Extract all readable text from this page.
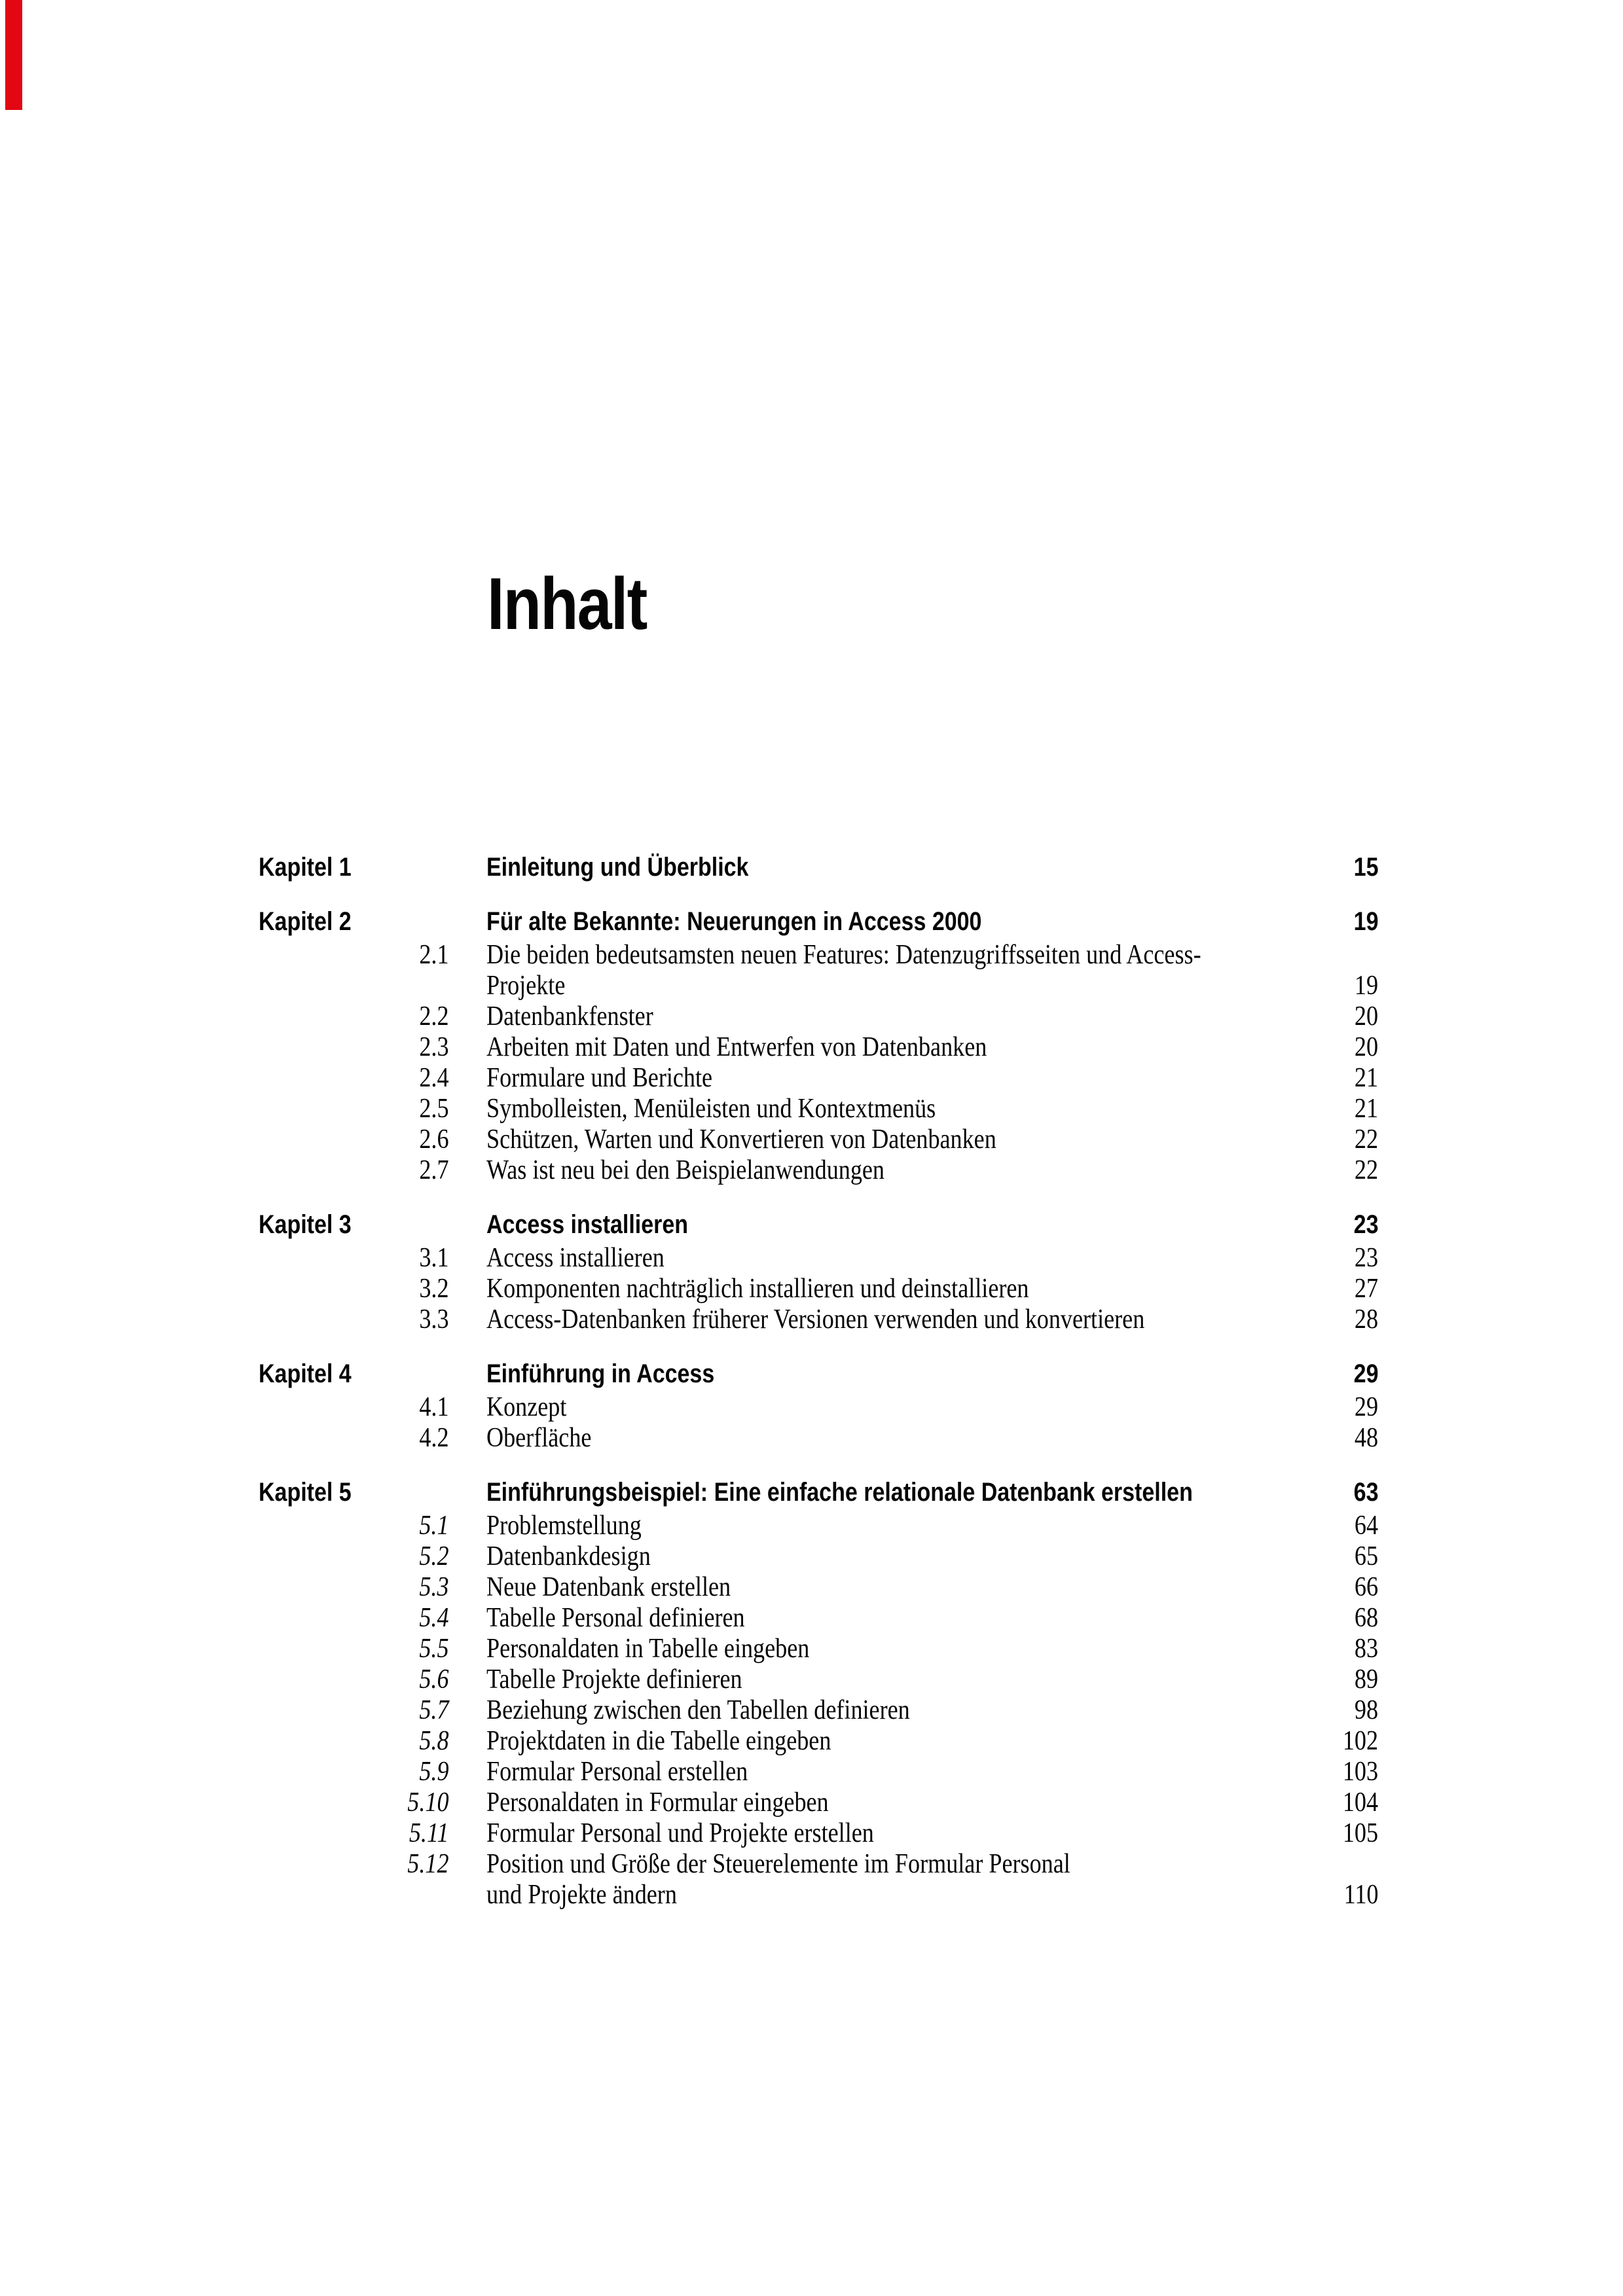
Inhalt
Kapitel 1	Einleitung und Überblick	15
Kapitel 2	Für alte Bekannte: Neuerungen in Access 2000	19
2.1 Die beiden bedeutsamsten neuen Features: Datenzugriffsseiten und Access-
Projekte	19
2.2 Datenbankfenster	20
2.3 Arbeiten mit Daten und Entwerfen von Datenbanken	20
2.4 Formulare und Berichte	21
2.5 Symbolleisten, Menüleisten und Kontextmenüs	21
2.6 Schützen, Warten und Konvertieren von Datenbanken	22
2.7 Was ist neu bei den Beispielanwendungen	22
Kapitel 3	Access installieren	23
3.1 Access installieren	23
3.2 Komponenten nachträglich installieren und deinstallieren	27
3.3 Access-Datenbanken früherer Versionen verwenden und konvertieren	28
Kapitel 4	Einführung in Access	29
4.1 Konzept	29
4.2 Oberfläche	48
Kapitel 5	Einführungsbeispiel: Eine einfache relationale Datenbank erstellen	63
5.1 Problemstellung	64
5.2 Datenbankdesign	65
5.3 Neue Datenbank erstellen	66
5.4 Tabelle Personal definieren	68
5.5 Personaldaten in Tabelle eingeben	83
5.6 Tabelle Projekte definieren	89
5.7 Beziehung zwischen den Tabellen definieren	98
5.8 Projektdaten in die Tabelle eingeben	102
5.9 Formular Personal erstellen	103
5.10 Personaldaten in Formular eingeben	104
5.11 Formular Personal und Projekte erstellen	105
5.12 Position und Größe der Steuerelemente im Formular Personal
und Projekte ändern	110
